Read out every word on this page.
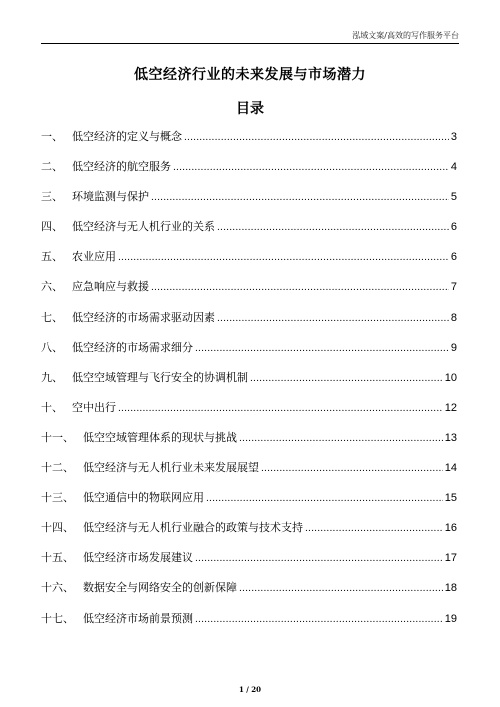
泓域文案/高效的写作服务平台
低空经济行业的未来发展与市场潜力
目录
一、 低空经济的定义与概念 .....	3
二、 低空经济的航空服务 .....	4
三、 环境监测与保护 .....	5
四、 低空经济与无人机行业的关系 .....	6
五、 农业应用 .....	6
六、 应急响应与救援 .....	7
七、 低空经济的市场需求驱动因素 .....	8
八、 低空经济的市场需求细分 .....	9
九、 低空空域管理与飞行安全的协调机制 .....	10
十、 空中出行 .....	12
十一、 低空空域管理体系的现状与挑战 .....	13
十二、 低空经济与无人机行业未来发展展望 .....	14
十三、 低空通信中的物联网应用 .....	15
十四、 低空经济与无人机行业融合的政策与技术支持 .....	16
十五、 低空经济市场发展建议 .....	17
十六、 数据安全与网络安全的创新保障 .....	18
十七、 低空经济市场前景预测 .....	19
1 / 20
